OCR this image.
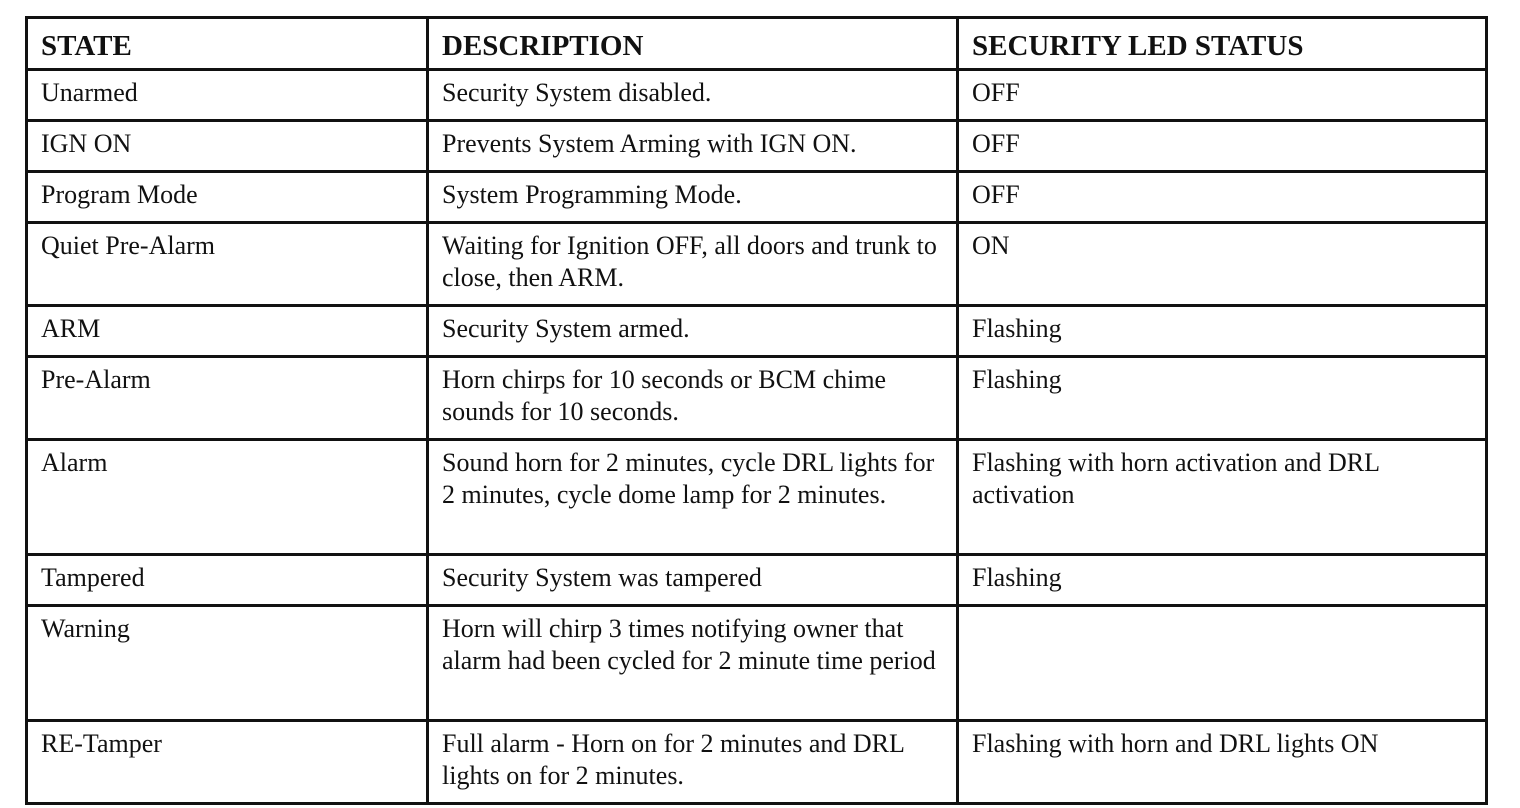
STATE	DESCRIPTION	SECURITY LED STATUS
Unarmed	Security System disabled.	OFF
IGN ON	Prevents System Arming with IGN ON.	OFF
Program Mode	System Programming Mode.	OFF
Quiet Pre-Alarm	Waiting for Ignition OFF, all doors and trunk to close, then ARM.	ON
ARM	Security System armed.	Flashing
Pre-Alarm	Horn chirps for 10 seconds or BCM chime sounds for 10 seconds.	Flashing
Alarm	Sound horn for 2 minutes, cycle DRL lights for 2 minutes, cycle dome lamp for 2 minutes.	Flashing with horn activation and DRL activation
Tampered	Security System was tampered	Flashing
Warning	Horn will chirp 3 times notifying owner that alarm had been cycled for 2 minute time period	
RE-Tamper	Full alarm - Horn on for 2 minutes and DRL lights on for 2 minutes.	Flashing with horn and DRL lights ON
